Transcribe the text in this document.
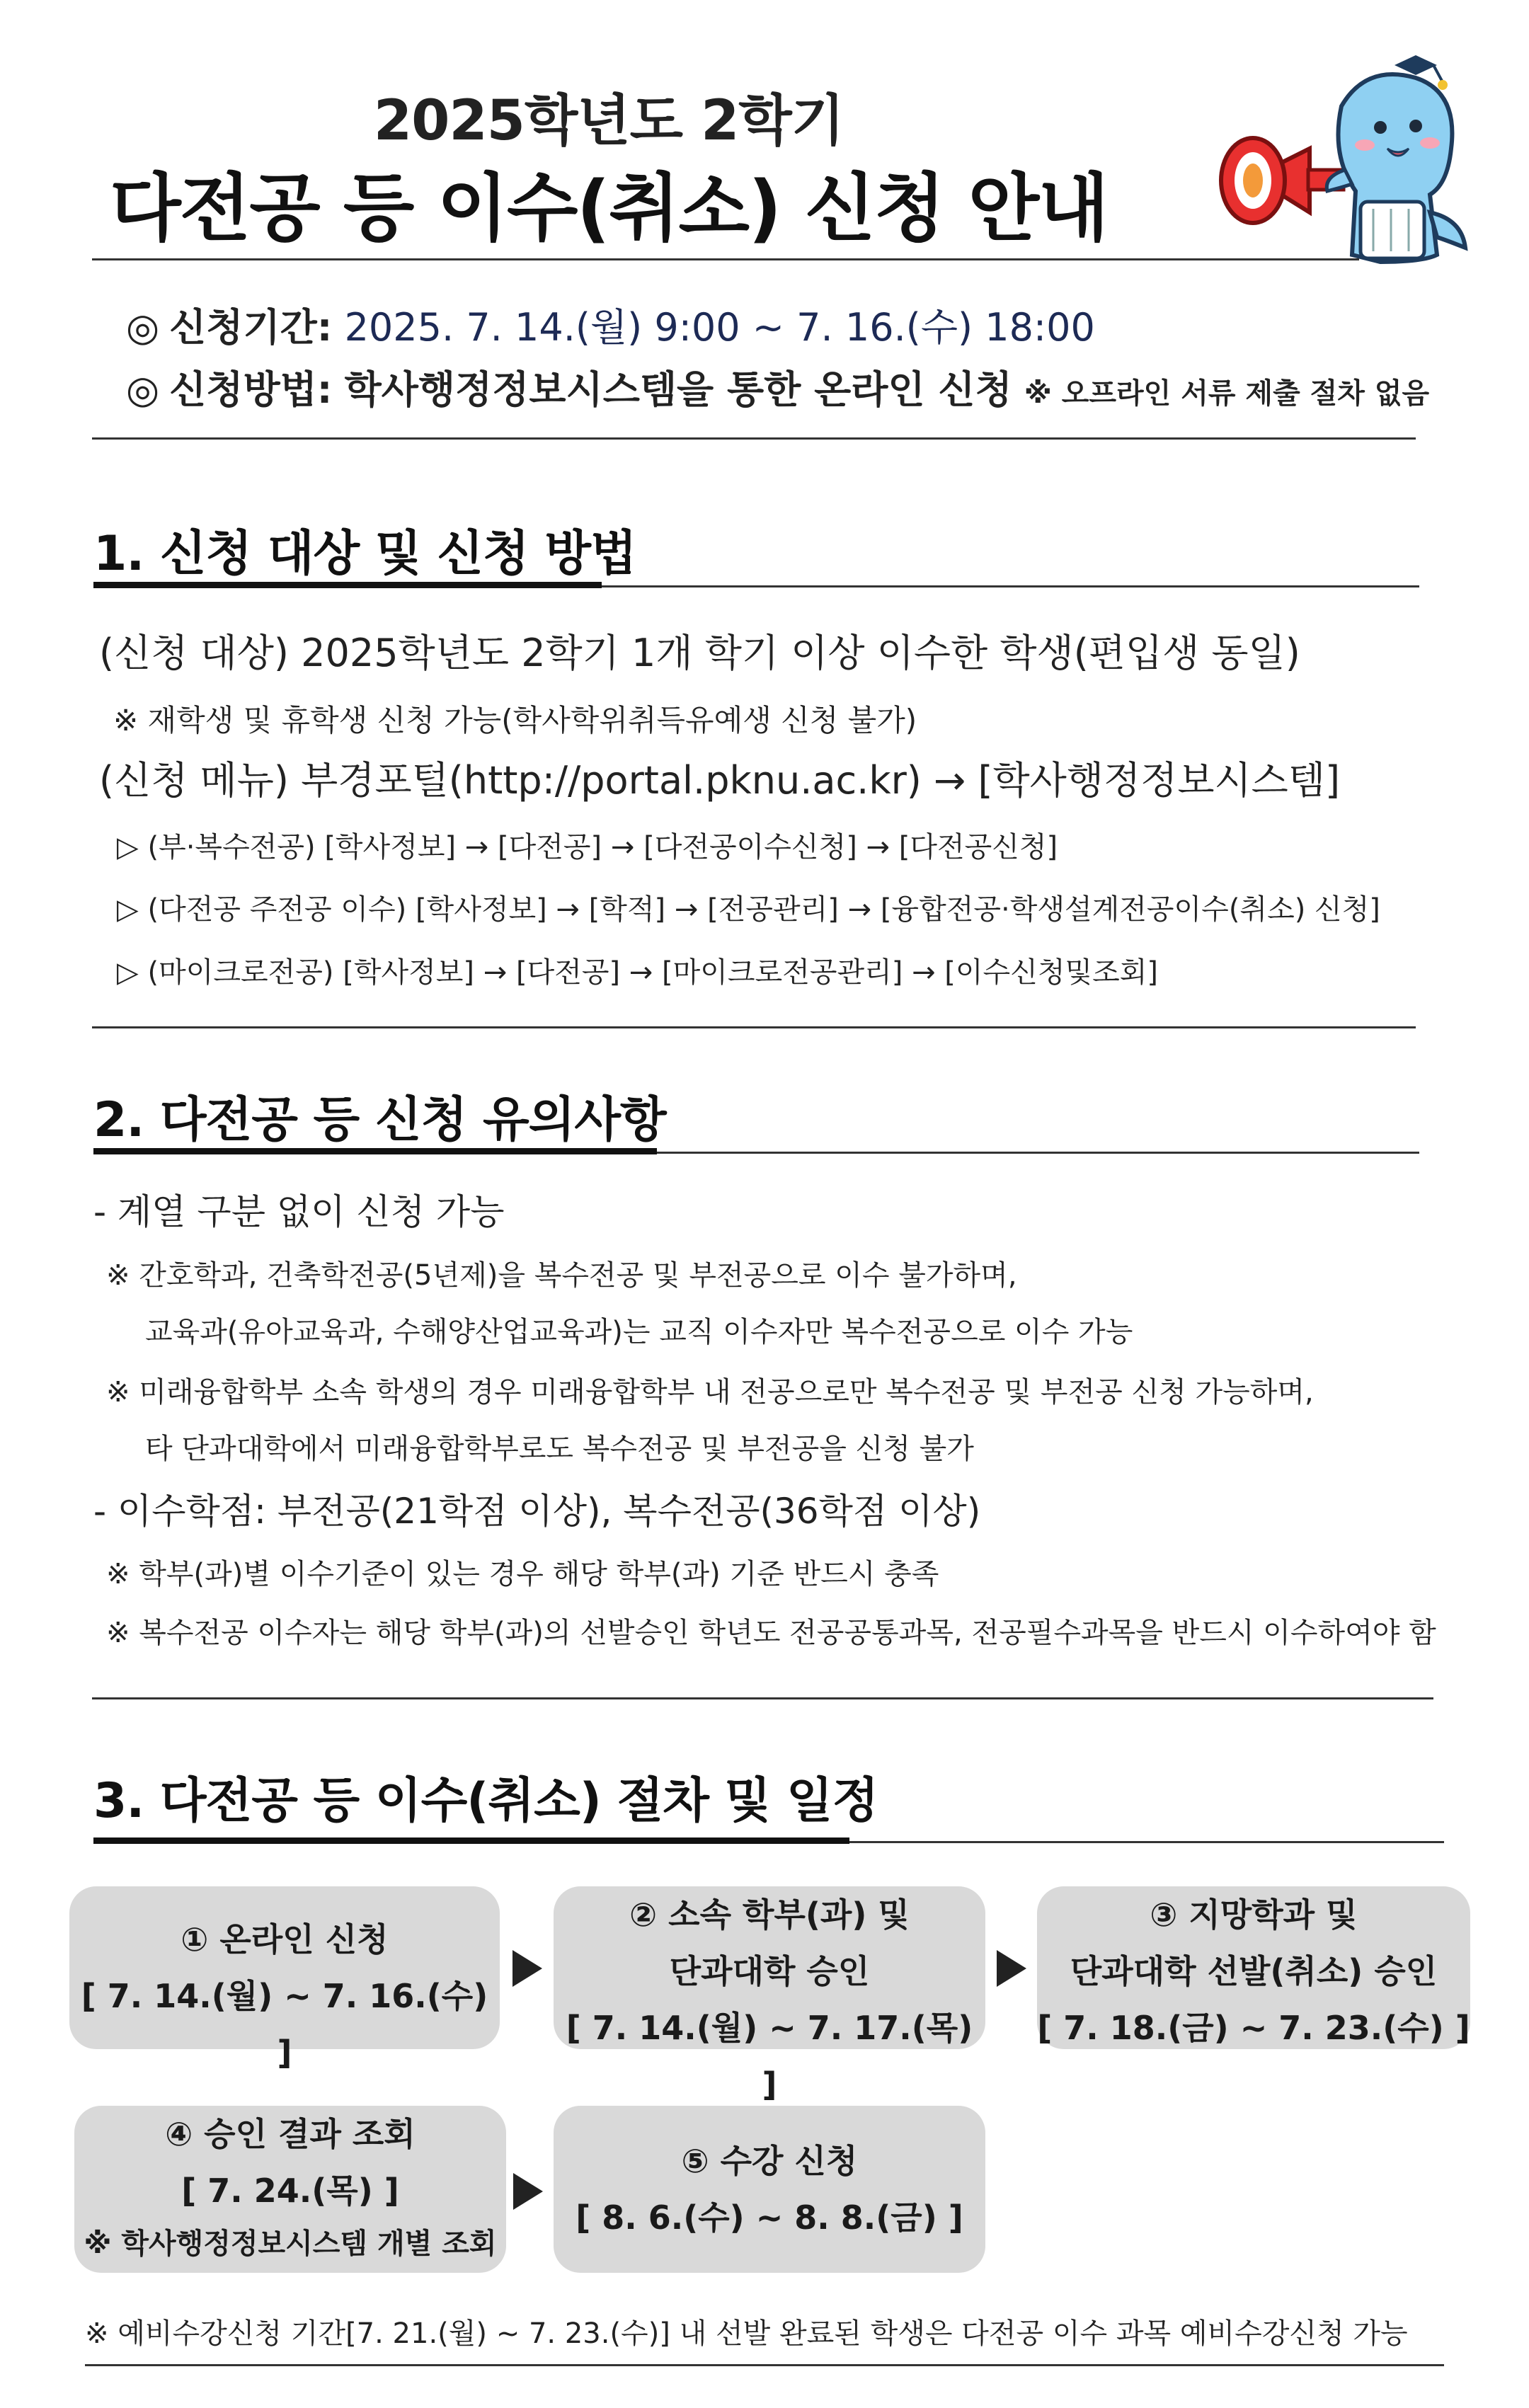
2025학년도 2학기
다전공 등 이수(취소) 신청 안내
◎ 신청기간: 2025. 7. 14.(월) 9:00 ~ 7. 16.(수) 18:00
◎ 신청방법: 학사행정정보시스템을 통한 온라인 신청 ※ 오프라인 서류 제출 절차 없음
1. 신청 대상 및 신청 방법
(신청 대상) 2025학년도 2학기 1개 학기 이상 이수한 학생(편입생 동일)
※ 재학생 및 휴학생 신청 가능(학사학위취득유예생 신청 불가)
(신청 메뉴) 부경포털(http://portal.pknu.ac.kr) → [학사행정정보시스템]
▷ (부·복수전공) [학사정보] → [다전공] → [다전공이수신청] → [다전공신청]
▷ (다전공 주전공 이수) [학사정보] → [학적] → [전공관리] → [융합전공·학생설계전공이수(취소) 신청]
▷ (마이크로전공) [학사정보] → [다전공] → [마이크로전공관리] → [이수신청및조회]
2. 다전공 등 신청 유의사항
- 계열 구분 없이 신청 가능
※ 간호학과, 건축학전공(5년제)을 복수전공 및 부전공으로 이수 불가하며,
교육과(유아교육과, 수해양산업교육과)는 교직 이수자만 복수전공으로 이수 가능
※ 미래융합학부 소속 학생의 경우 미래융합학부 내 전공으로만 복수전공 및 부전공 신청 가능하며,
타 단과대학에서 미래융합학부로도 복수전공 및 부전공을 신청 불가
- 이수학점: 부전공(21학점 이상), 복수전공(36학점 이상)
※ 학부(과)별 이수기준이 있는 경우 해당 학부(과) 기준 반드시 충족
※ 복수전공 이수자는 해당 학부(과)의 선발승인 학년도 전공공통과목, 전공필수과목을 반드시 이수하여야 함
3. 다전공 등 이수(취소) 절차 및 일정
① 온라인 신청
[ 7. 14.(월) ~ 7. 16.(수) ]
② 소속 학부(과) 및
단과대학 승인
[ 7. 14.(월) ~ 7. 17.(목) ]
③ 지망학과 및
단과대학 선발(취소) 승인
[ 7. 18.(금) ~ 7. 23.(수) ]
④ 승인 결과 조회
[ 7. 24.(목) ]
※ 학사행정정보시스템 개별 조회
⑤ 수강 신청
[ 8. 6.(수) ~ 8. 8.(금) ]
※ 예비수강신청 기간[7. 21.(월) ~ 7. 23.(수)] 내 선발 완료된 학생은 다전공 이수 과목 예비수강신청 가능
